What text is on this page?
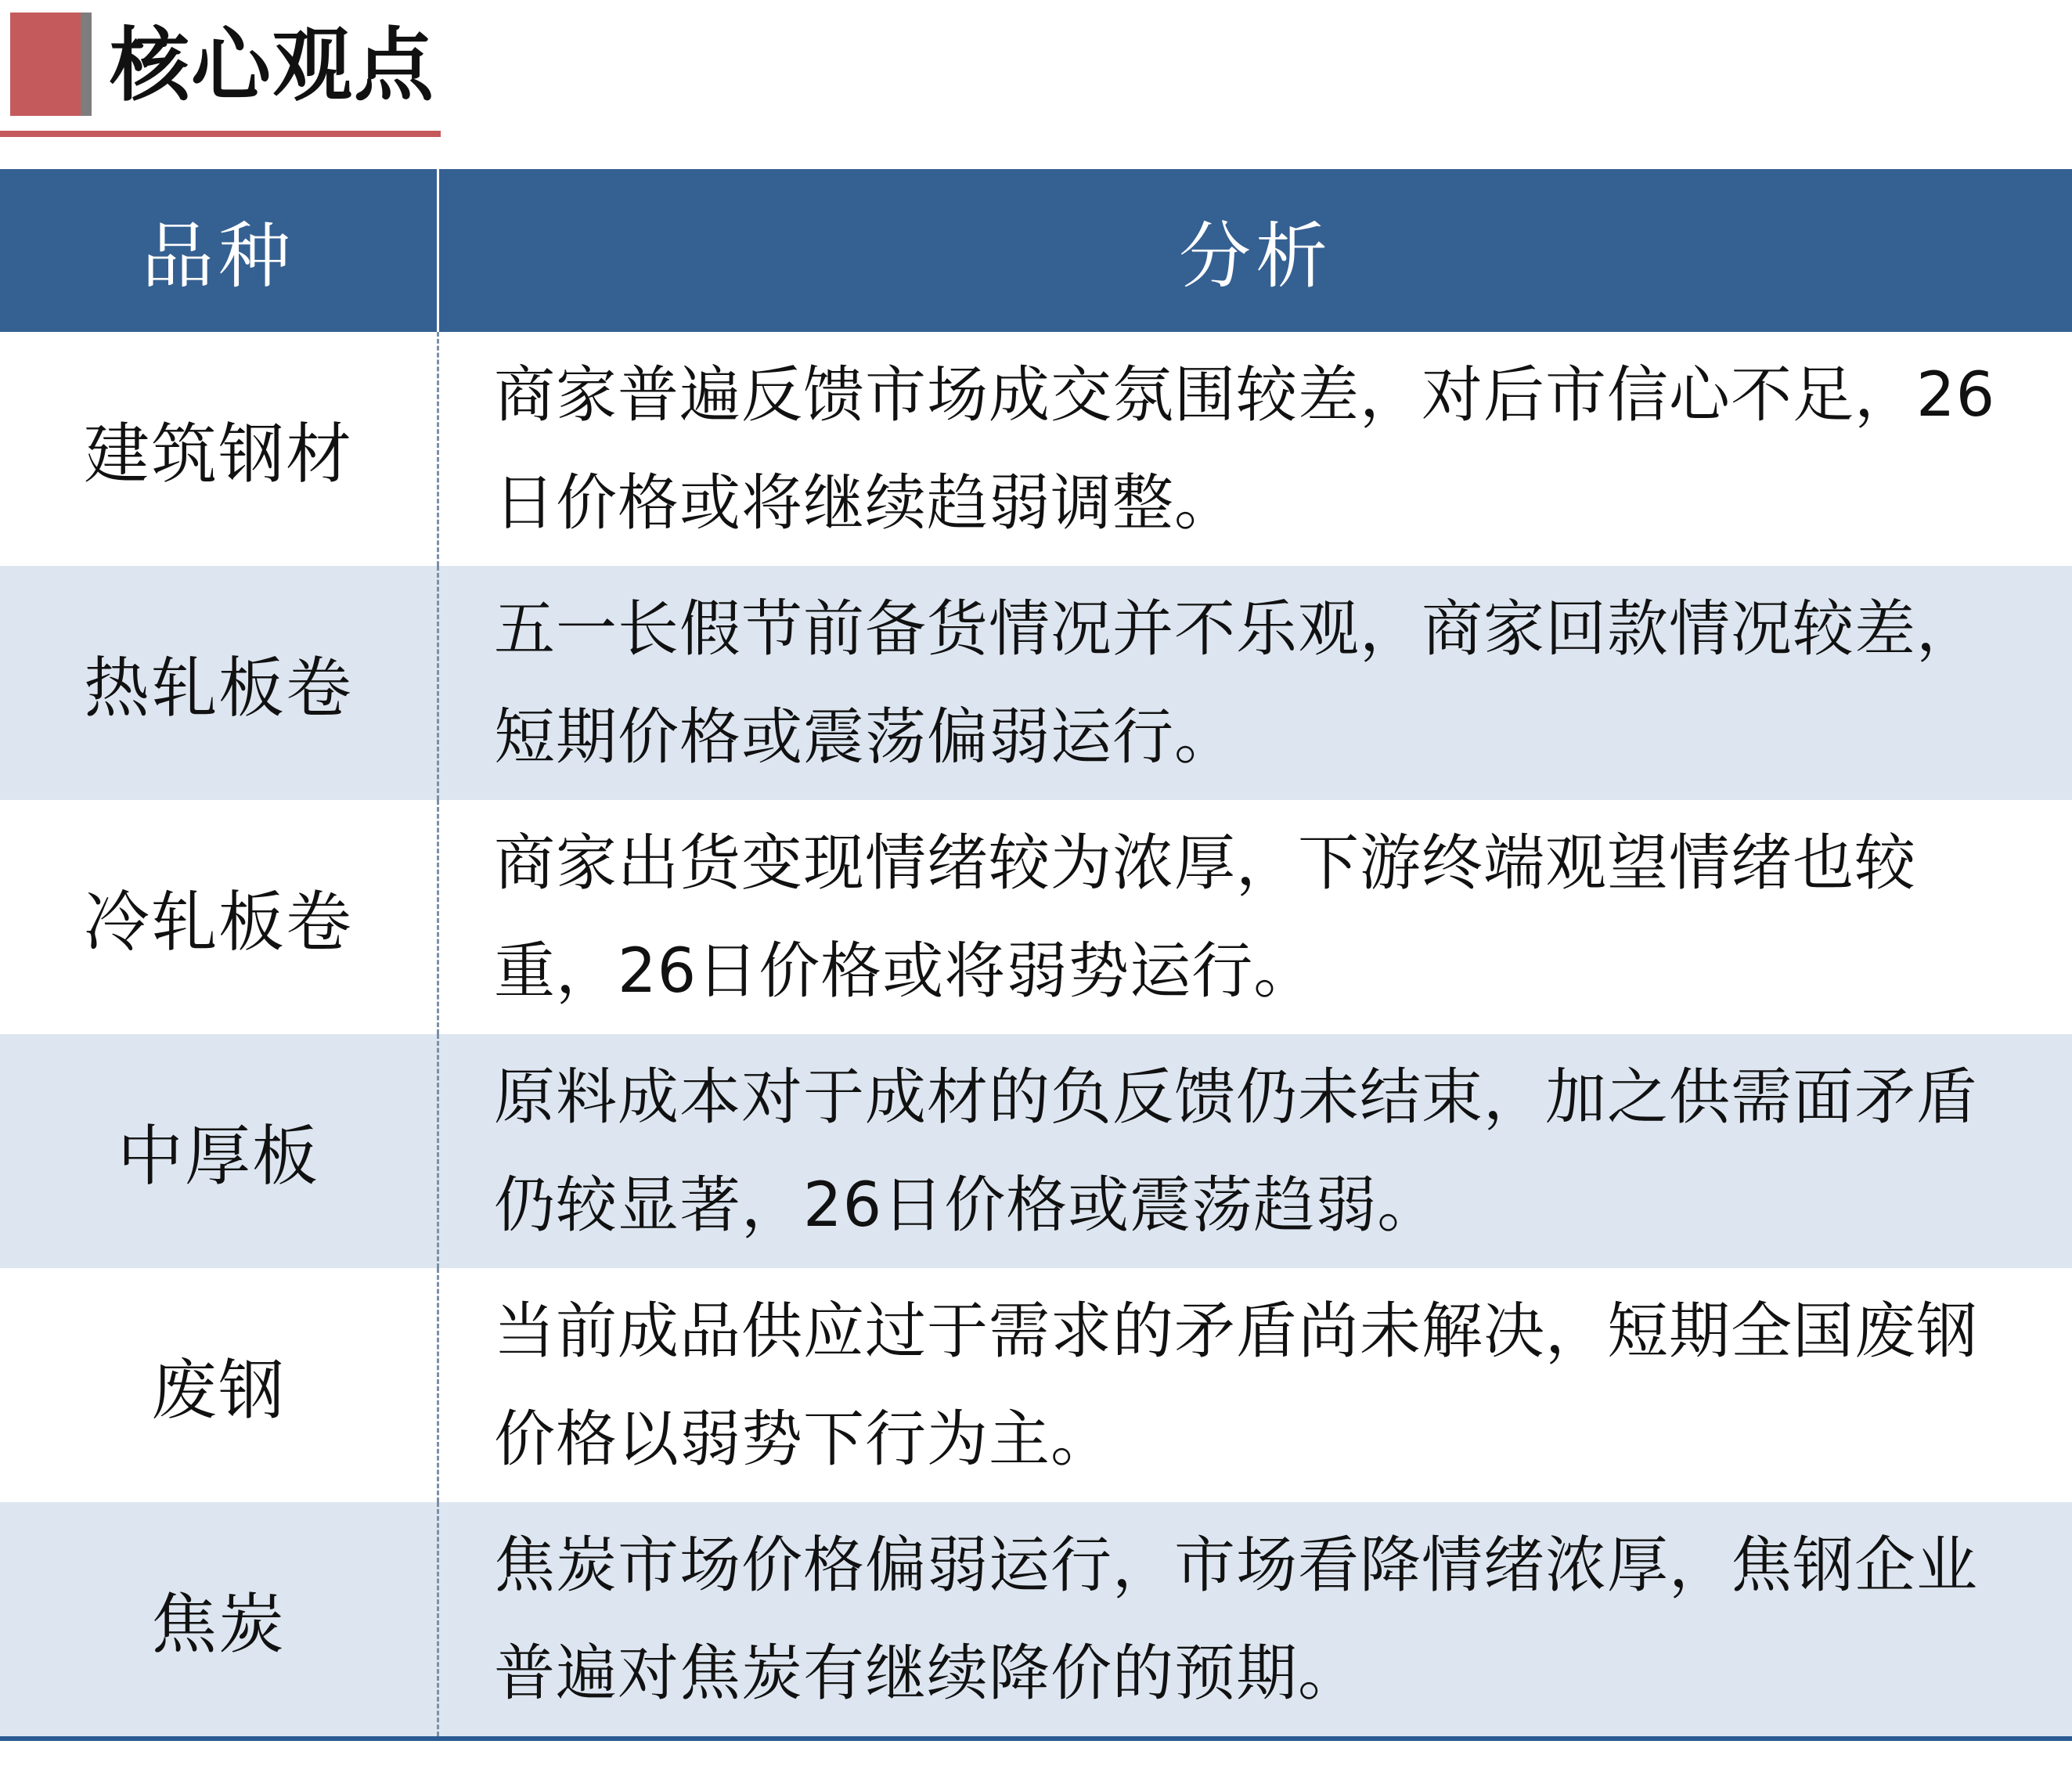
核心观点
品种	分析
建筑钢材
商家普遍反馈市场成交氛围较差，对后市信心不足，26日价格或将继续趋弱调整。
热轧板卷
五一长假节前备货情况并不乐观，商家回款情况较差，短期价格或震荡偏弱运行。
冷轧板卷
商家出货变现情绪较为浓厚，下游终端观望情绪也较重，26日价格或将弱势运行。
中厚板
原料成本对于成材的负反馈仍未结束，加之供需面矛盾仍较显著，26日价格或震荡趋弱。
废钢
当前成品供应过于需求的矛盾尚未解决，短期全国废钢价格以弱势下行为主。
焦炭
焦炭市场价格偏弱运行，市场看降情绪浓厚，焦钢企业普遍对焦炭有继续降价的预期。
